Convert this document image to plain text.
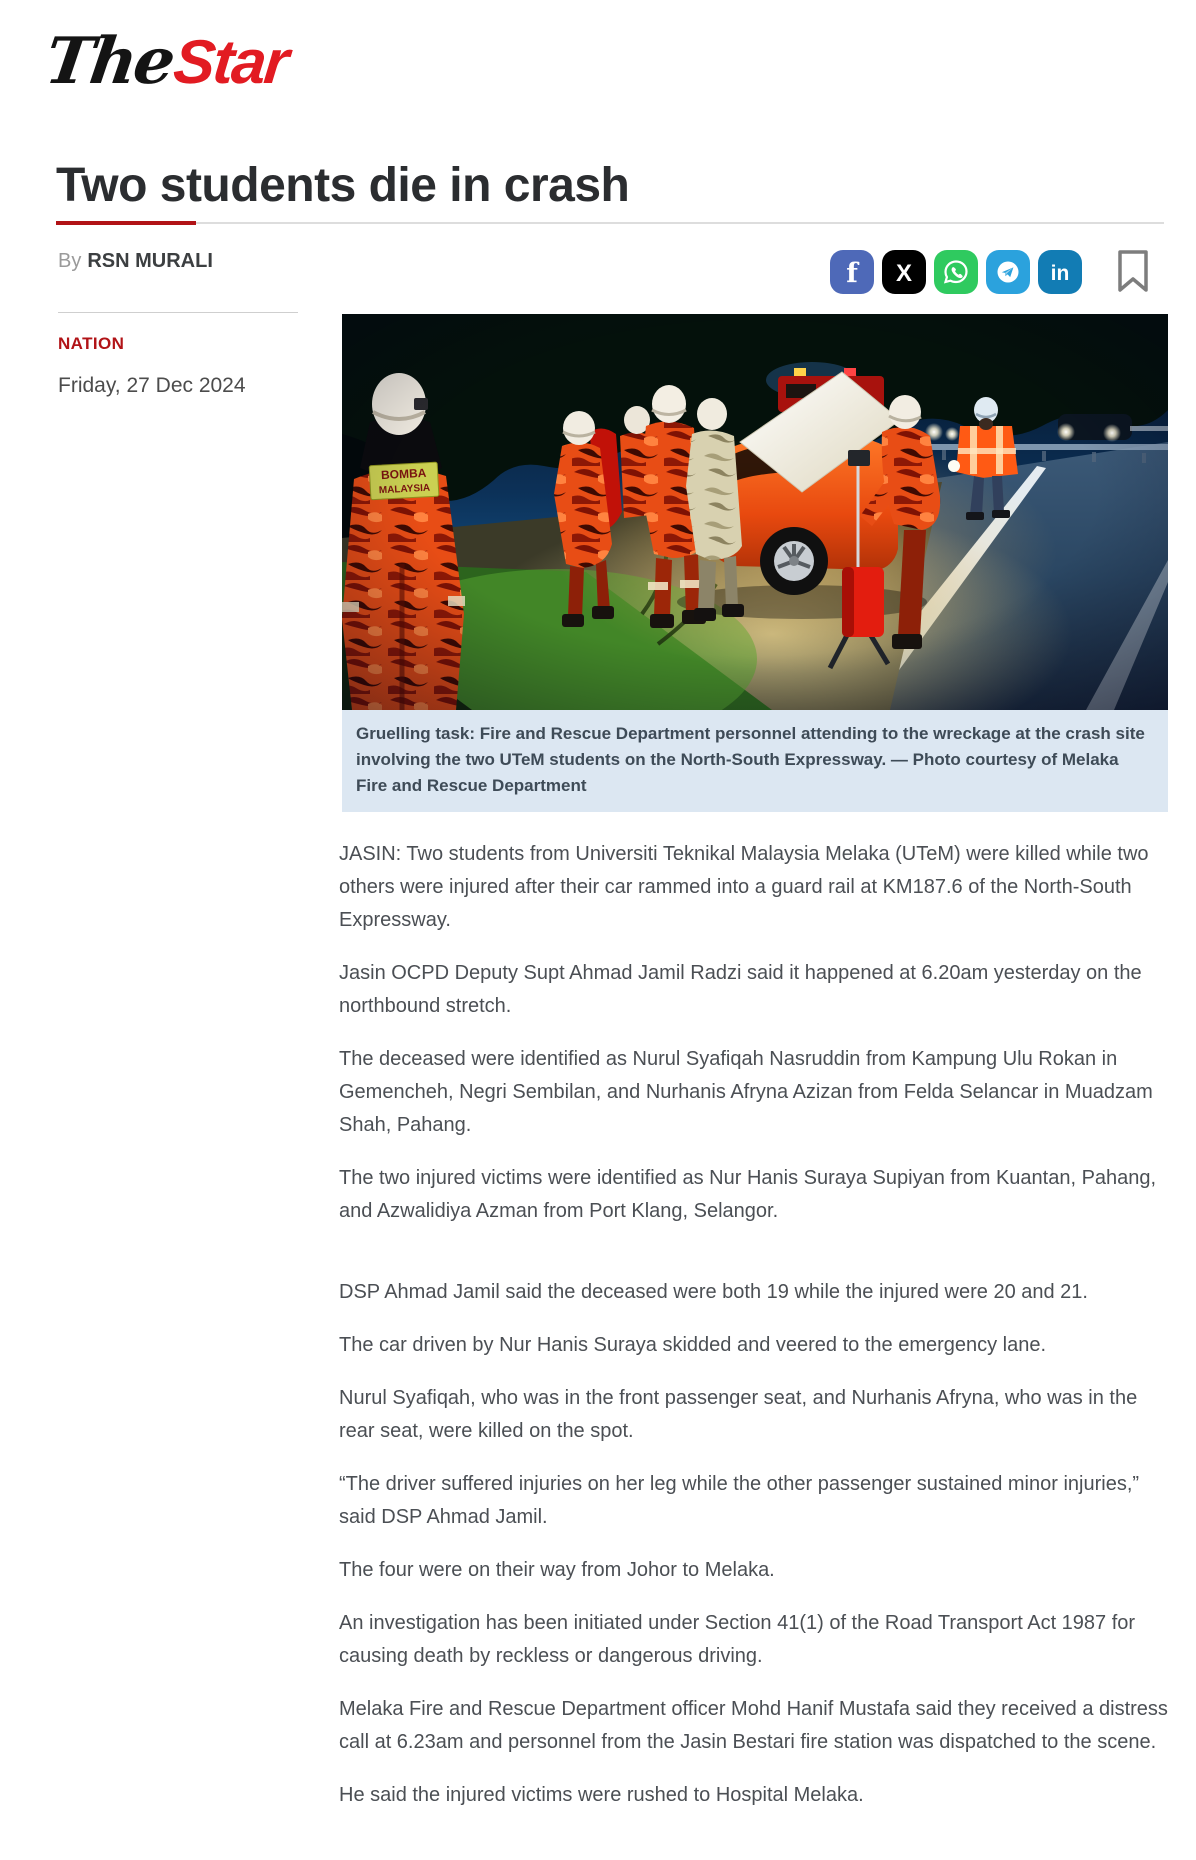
TheStar
Two students die in crash
By RSN MURALI	f X	in
NATION
Friday, 27 Dec 2024
Gruelling task: Fire and Rescue Department personnel attending to the wreckage at the crash site involving the two UTeM students on the North-South Expressway. — Photo courtesy of Melaka Fire and Rescue Department

JASIN: Two students from Universiti Teknikal Malaysia Melaka (UTeM) were killed while two others were injured after their car rammed into a guard rail at KM187.6 of the North-South Expressway.

Jasin OCPD Deputy Supt Ahmad Jamil Radzi said it happened at 6.20am yesterday on the northbound stretch.

The deceased were identified as Nurul Syafiqah Nasruddin from Kampung Ulu Rokan in Gemencheh, Negri Sembilan, and Nurhanis Afryna Azizan from Felda Selancar in Muadzam Shah, Pahang.

The two injured victims were identified as Nur Hanis Suraya Supiyan from Kuantan, Pahang, and Azwalidiya Azman from Port Klang, Selangor.

DSP Ahmad Jamil said the deceased were both 19 while the injured were 20 and 21.

The car driven by Nur Hanis Suraya skidded and veered to the emergency lane.

Nurul Syafiqah, who was in the front passenger seat, and Nurhanis Afryna, who was in the rear seat, were killed on the spot.

“The driver suffered injuries on her leg while the other passenger sustained minor injuries,” said DSP Ahmad Jamil.

The four were on their way from Johor to Melaka.

An investigation has been initiated under Section 41(1) of the Road Transport Act 1987 for causing death by reckless or dangerous driving.

Melaka Fire and Rescue Department officer Mohd Hanif Mustafa said they received a distress call at 6.23am and personnel from the Jasin Bestari fire station was dispatched to the scene.

He said the injured victims were rushed to Hospital Melaka.
